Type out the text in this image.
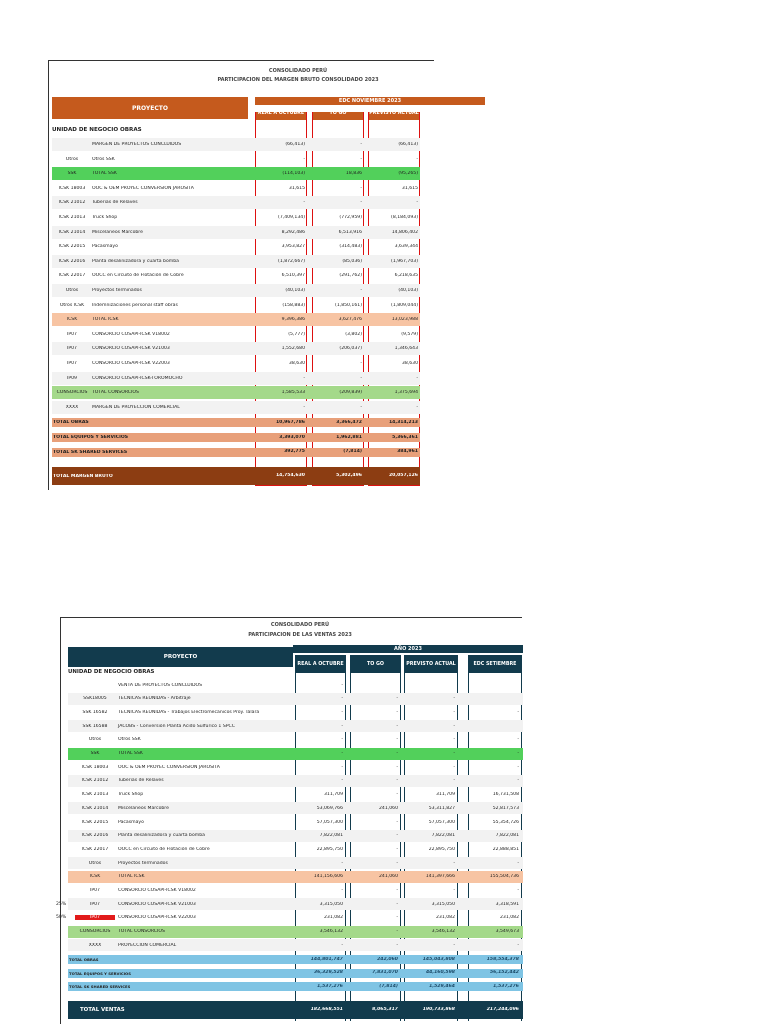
CONSOLIDADO PERÚ
PARTICIPACION DEL MARGEN BRUTO CONSOLIDADO 2023
PROYECTO
EDC NOVIEMBRE 2023
REAL A OCTUBRE	TO GO	PREVISTO ACTUAL
UNIDAD DE NEGOCIO OBRAS
MARGEN DE PROYECTOS CONCLUIDOS	(66,413)	-	(66,413)
Otros	Otros SSK	-	-	-
SSK	TOTAL SSK	(114,103)	18,836	(95,265)
ICSK 18003	OOC & OEM PROYEC CONVERSION JAROSITA	31,615	-	31,615
ICSK 21012	Tuberias de Relaves	-	-	-
ICSK 21013	Truck Shop	(7,409,134)	(772,959)	(8,184,093)
ICSK 21014	Miscelaneos Marcobre	8,292,486	6,513,916	14,806,402
ICSK 22015	Pacasmayo	3,953,827	(314,483)	3,639,344
ICSK 22016	Planta desalinizadora y cuarta bomba	(1,872,667)	(85,036)	(1,967,703)
ICSK 22017	OOCC en Circuito de Flotación de Cobre	6,510,397	(291,762)	6,218,635
Otros	Proyectos terminados	(40,103)	-	(40,103)
Otros ICSK	Indemnizaciones personal staff obras	(158,883)	(1,850,161)	(1,809,044)
ICSK	TOTAL ICSK	9,396,386	3,627,476	13,023,988
IP07	CONSORCIO COSAPI-ICSK V18002	(5,777)	(3,802)	(9,579)
IP07	CONSORCIO COSAPI-ICSK V21003	1,552,680	(206,037)	1,346,643
IP07	CONSORCIO COSAPI-ICSK V22003	38,630	-	38,630
IP09	CONSORCIO COSAPI-ICSK-TOROMOCHO	-	-	-
CONSORCIOS TOTAL CONSORCIOS	1,585,533	(209,839)	1,375,694
XXXX	MARGEN DE PROYECCIÓN COMERCIAL	-	-	-
TOTAL OBRAS	10,967,786	3,366,472	14,314,213
TOTAL EQUIPOS Y SERVICIOS	3,393,070	1,962,881	5,366,361
TOTAL SK SHARED SERVICES	392,775	(7,814)	384,961
TOTAL MARGEN BRUTO	14,754,630	5,302,496	20,057,126
CONSOLIDADO PERÚ
PARTICIPACION DE LAS VENTAS 2023
PROYECTO
AÑO 2023
REAL A OCTUBRE	TO GO	PREVISTO ACTUAL	EDC SETIEMBRE
UNIDAD DE NEGOCIO OBRAS
VENTA DE PROYECTOS CONCLUIDOS	-
SSK18005	TECNICAS REUNIDAS - Arbitraje	-	-	-
SSK 16582	TECNICAS REUNIDAS - Trabajos Electromecanicos Proy. Talara	-	-	-	-
SSK 16588	JACOBS - Conversión Planta Ácido Sulfúrico 1 SPCC	-	-	-
Otros	Otros SSK	-	-	-	-
SSK	TOTAL SSK	-	-	-	-
ICSK 18003	OOC & OEM PROYEC CONVERSION JAROSITA	-	-	-	-
ICSK 21012	Tuberias de Relaves	-	-	-	-
ICSK 21013	Truck Shop	311,709	-	311,709	16,731,508
ICSK 21014	Miscelaneos Marcobre	53,069,766	241,060	53,311,827	52,817,573
ICSK 22015	Pacasmayo	57,057,300	-	57,057,300	55,354,726
ICSK 22016	Planta desalinizadora y cuarta bomba	7,822,081	-	7,822,081	7,822,081
ICSK 22017	OOCC en Circuito de Flotación de Cobre	22,895,750	-	22,895,750	22,888,851
Otros	Proyectos terminados	-	-	-	-
ICSK	TOTAL ICSK	141,156,606	241,060	141,397,666	155,504,736
IP07	CONSORCIO COSAPI-ICSK V18002	-	-	-	-
25%	IP07	CONSORCIO COSAPI-ICSK V21003	3,315,050	-	3,315,050	3,318,591
50%	IP07	CONSORCIO COSAPI-ICSK V22003	231,082	-	231,082	231,082
CONSORCIOS	TOTAL CONSORCIOS	3,546,132	-	3,546,132	3,549,673
XXXX	PROYECCIÓN COMERCIAL	-	-	-	-
TOTAL OBRAS	144,801,747	242,060	145,043,808	158,554,378
TOTAL EQUIPOS Y SERVICIOS	36,329,528	7,831,070	44,160,598	56,152,442
TOTAL SK SHARED SERVICES	1,537,276	(7,814)	1,529,464	1,537,276
TOTAL VENTAS	182,668,551	8,065,317	190,733,868	217,244,096
